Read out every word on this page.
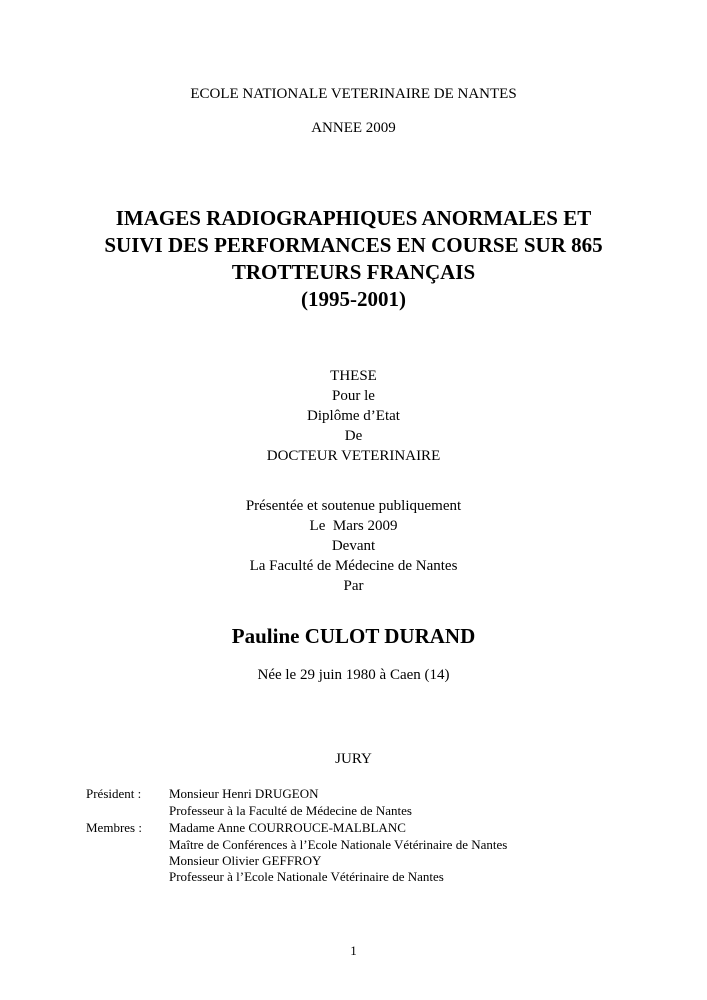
ECOLE NATIONALE VETERINAIRE DE NANTES
ANNEE 2009
IMAGES RADIOGRAPHIQUES ANORMALES ET
SUIVI DES PERFORMANCES EN COURSE SUR 865
TROTTEURS FRANÇAIS
(1995-2001)
THESE
Pour le
Diplôme d’Etat
De
DOCTEUR VETERINAIRE
Présentée et soutenue publiquement
Le  Mars 2009
Devant
La Faculté de Médecine de Nantes
Par
Pauline CULOT DURAND
Née le 29 juin 1980 à Caen (14)
JURY
Président : Monsieur Henri DRUGEON
Professeur à la Faculté de Médecine de Nantes
Membres : Madame Anne COURROUCE-MALBLANC
Maître de Conférences à l’Ecole Nationale Vétérinaire de Nantes
Monsieur Olivier GEFFROY
Professeur à l’Ecole Nationale Vétérinaire de Nantes
1
